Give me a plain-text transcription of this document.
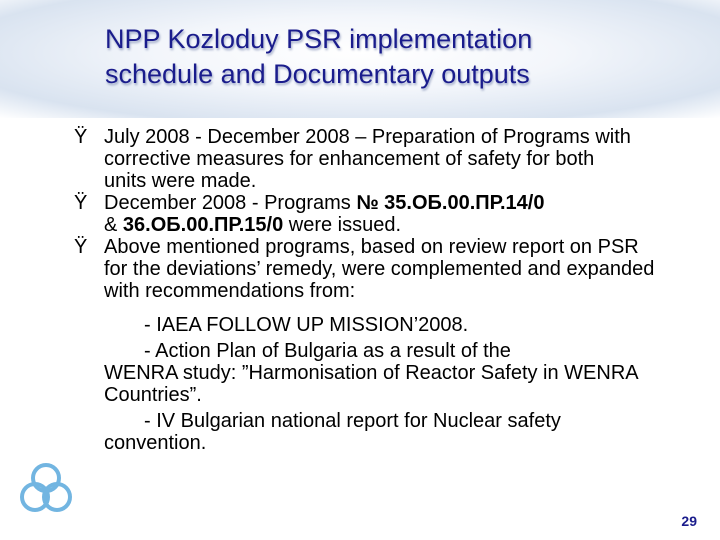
NPP Kozloduy PSR implementation
schedule and Documentary outputs
Ÿ July 2008 - December 2008 – Preparation of Programs with corrective measures for enhancement of safety for both units were made.
Ÿ December 2008 - Programs № 35.ОБ.00.ПР.14/0
& 36.ОБ.00.ПР.15/0 were issued.
Ÿ Above mentioned programs, based on review report on PSR for the deviations’ remedy, were complemented and expanded with recommendations from:
- IAEA FOLLOW UP MISSION’2008.
- Action Plan of Bulgaria as a result of the
WENRA study: ”Harmonisation of Reactor Safety in WENRA Countries”.
- IV Bulgarian national report for Nuclear safety
convention.
29
